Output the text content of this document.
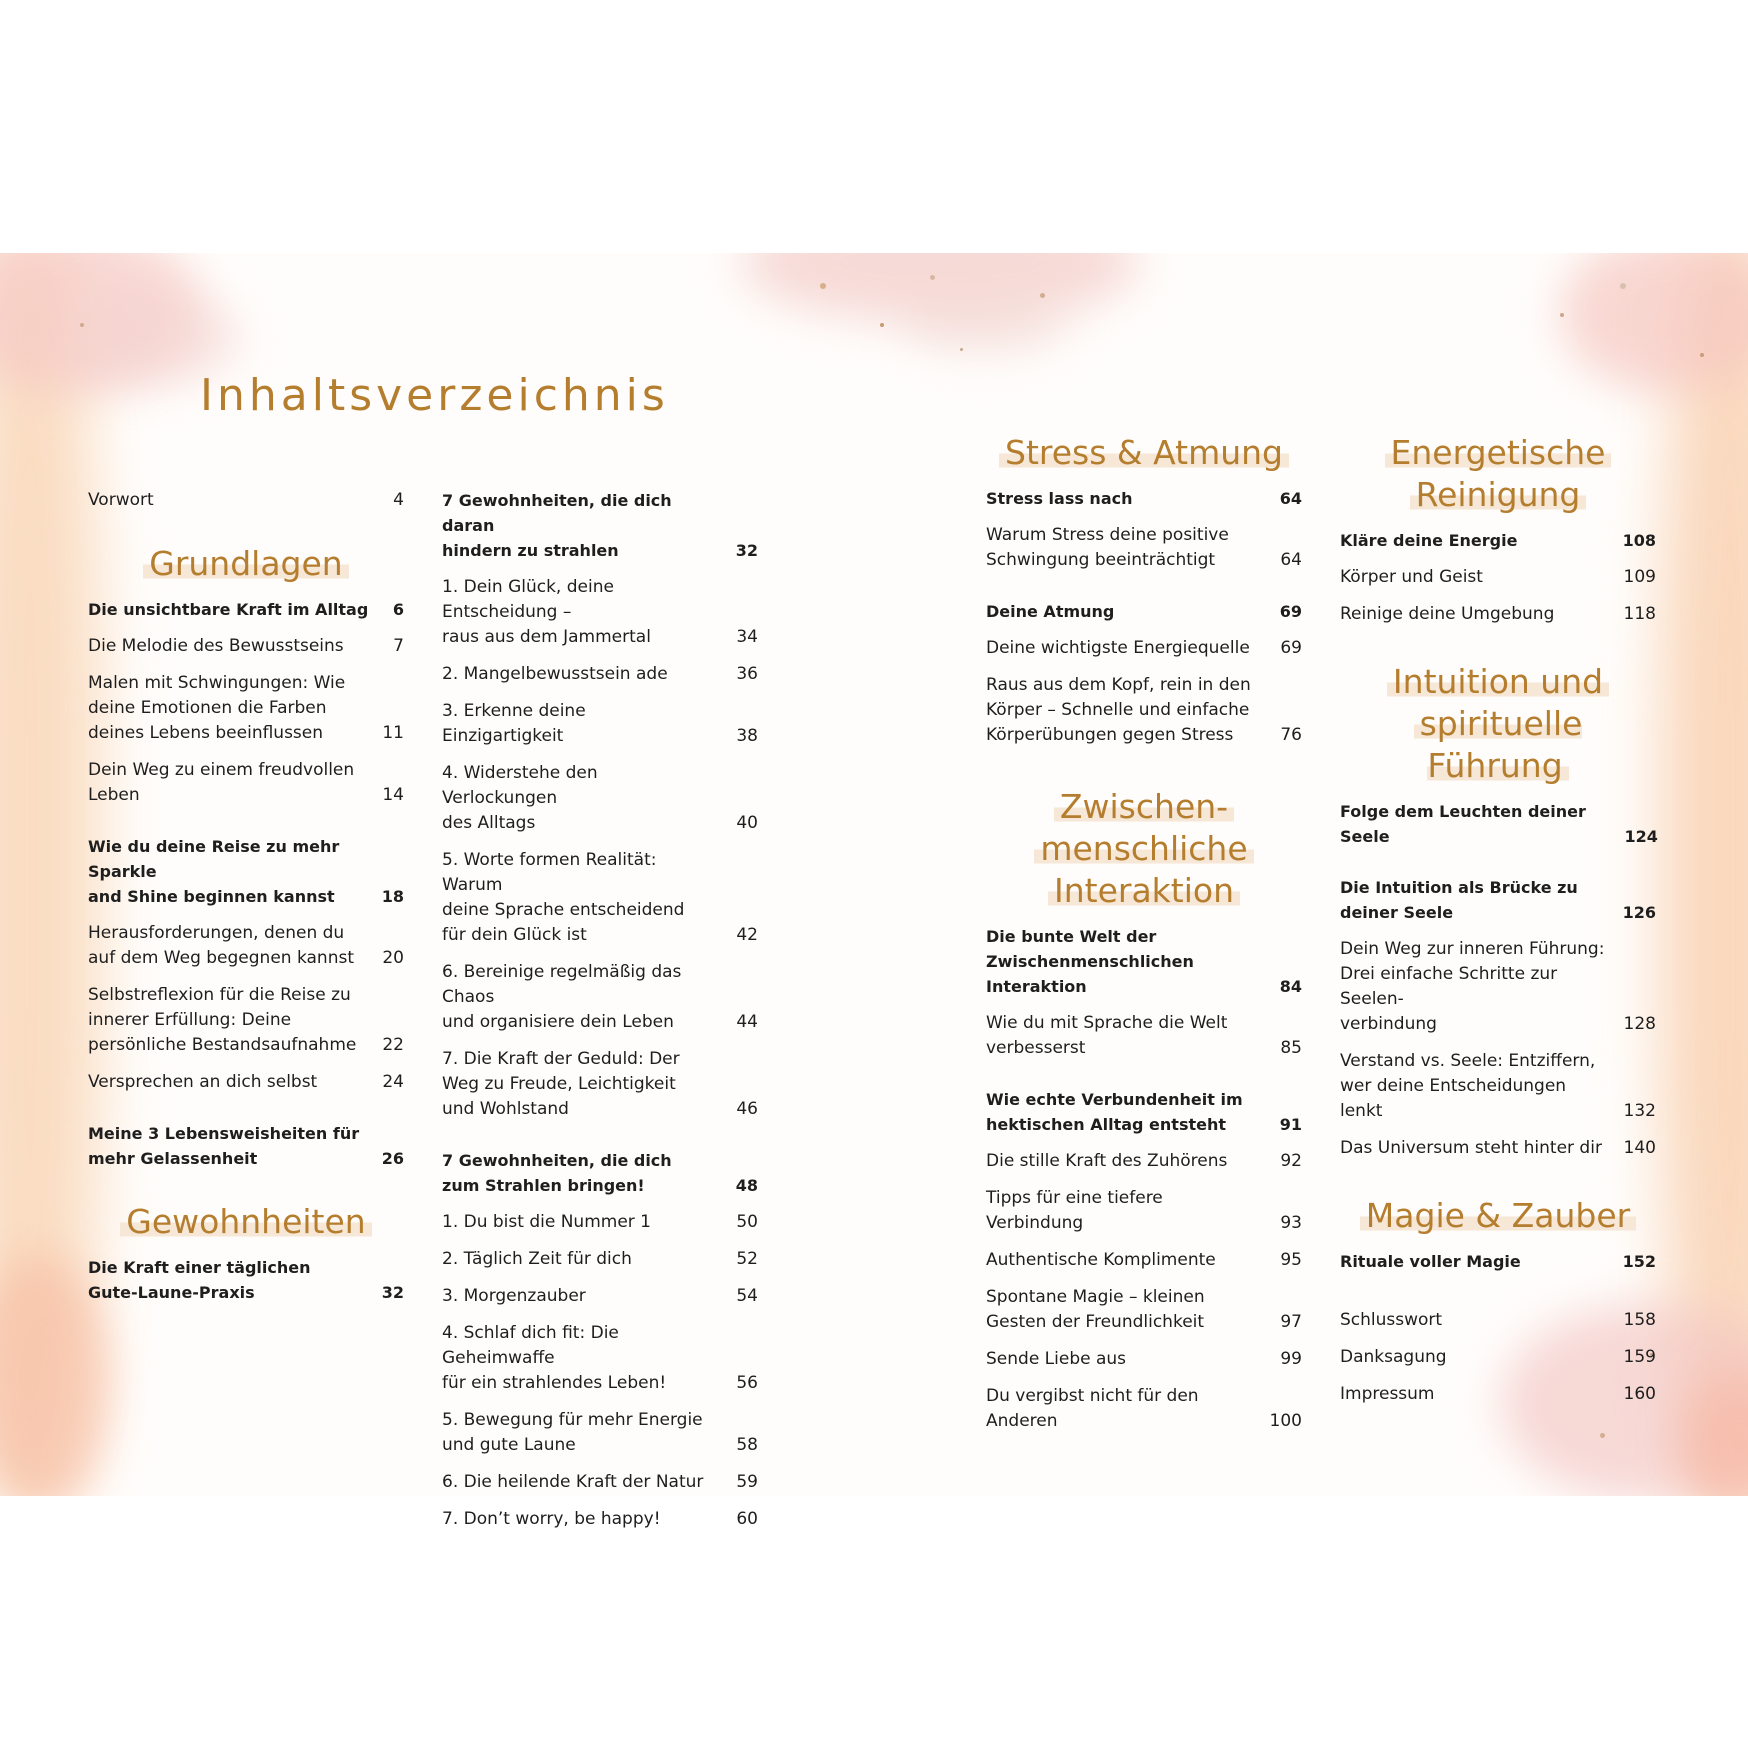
Inhaltsverzeichnis
Vorwort	4
Grundlagen
Die unsichtbare Kraft im Alltag	6
Die Melodie des Bewusstseins	7
Malen mit Schwingungen: Wie
deine Emotionen die Farben
deines Lebens beeinflussen	11
Dein Weg zu einem freudvollen
Leben	14
Wie du deine Reise zu mehr Sparkle
and Shine beginnen kannst	18
Herausforderungen, denen du
auf dem Weg begegnen kannst	20
Selbstreflexion für die Reise zu
innerer Erfüllung: Deine
persönliche Bestandsaufnahme	22
Versprechen an dich selbst	24
Meine 3 Lebensweisheiten für
mehr Gelassenheit	26
Gewohnheiten
Die Kraft einer täglichen
Gute-Laune-Praxis	32
7 Gewohnheiten, die dich daran
hindern zu strahlen	32
1. Dein Glück, deine Entscheidung –
raus aus dem Jammertal	34
2. Mangelbewusstsein ade	36
3. Erkenne deine Einzigartigkeit	38
4. Widerstehe den Verlockungen
des Alltags	40
5. Worte formen Realität: Warum
deine Sprache entscheidend
für dein Glück ist	42
6. Bereinige regelmäßig das Chaos
und organisiere dein Leben	44
7. Die Kraft der Geduld: Der
Weg zu Freude, Leichtigkeit
und Wohlstand	46
7 Gewohnheiten, die dich
zum Strahlen bringen!	48
1. Du bist die Nummer 1	50
2. Täglich Zeit für dich	52
3. Morgenzauber	54
4. Schlaf dich fit: Die Geheimwaffe
für ein strahlendes Leben!	56
5. Bewegung für mehr Energie
und gute Laune	58
6. Die heilende Kraft der Natur	59
7. Don’t worry, be happy!	60
Stress & Atmung
Stress lass nach	64
Warum Stress deine positive
Schwingung beeinträchtigt	64
Deine Atmung	69
Deine wichtigste Energiequelle	69
Raus aus dem Kopf, rein in den
Körper – Schnelle und einfache
Körperübungen gegen Stress	76
Zwischen-
menschliche
Interaktion
Die bunte Welt der
Zwischenmenschlichen Interaktion	84
Wie du mit Sprache die Welt
verbesserst	85
Wie echte Verbundenheit im
hektischen Alltag entsteht	91
Die stille Kraft des Zuhörens	92
Tipps für eine tiefere Verbindung	93
Authentische Komplimente	95
Spontane Magie – kleinen
Gesten der Freundlichkeit	97
Sende Liebe aus	99
Du vergibst nicht für den
Anderen	100
Energetische
Reinigung
Kläre deine Energie	108
Körper und Geist	109
Reinige deine Umgebung	118
Intuition und
spirituelle Führung
Folge dem Leuchten deiner Seele	124
Die Intuition als Brücke zu
deiner Seele	126
Dein Weg zur inneren Führung:
Drei einfache Schritte zur Seelen-
verbindung	128
Verstand vs. Seele: Entziffern,
wer deine Entscheidungen lenkt	132
Das Universum steht hinter dir 140
Magie & Zauber
Rituale voller Magie	152
Schlusswort	158
Danksagung	159
Impressum	160
